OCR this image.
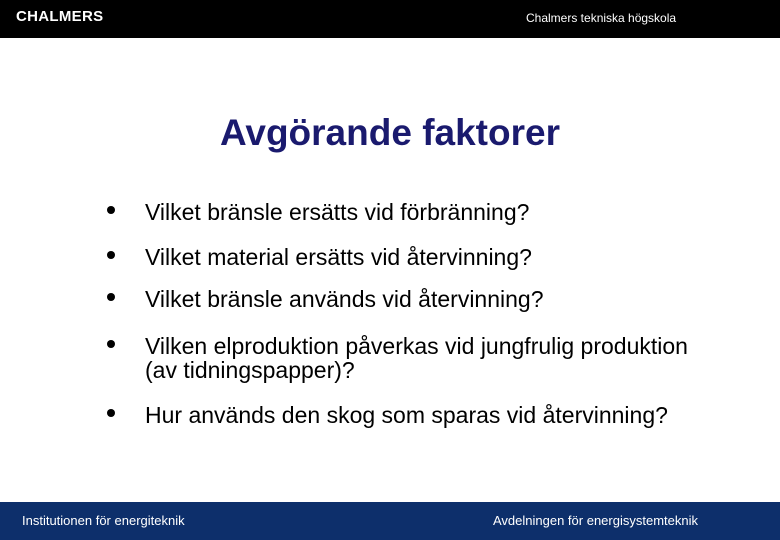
CHALMERS	Chalmers tekniska högskola
Avgörande faktorer
Vilket bränsle ersätts vid förbränning?
Vilket material ersätts vid återvinning?
Vilket bränsle används vid återvinning?
Vilken elproduktion påverkas vid jungfrulig produktion (av tidningspapper)?
Hur används den skog som sparas vid återvinning?
Institutionen för energiteknik	Avdelningen för energisystemteknik
